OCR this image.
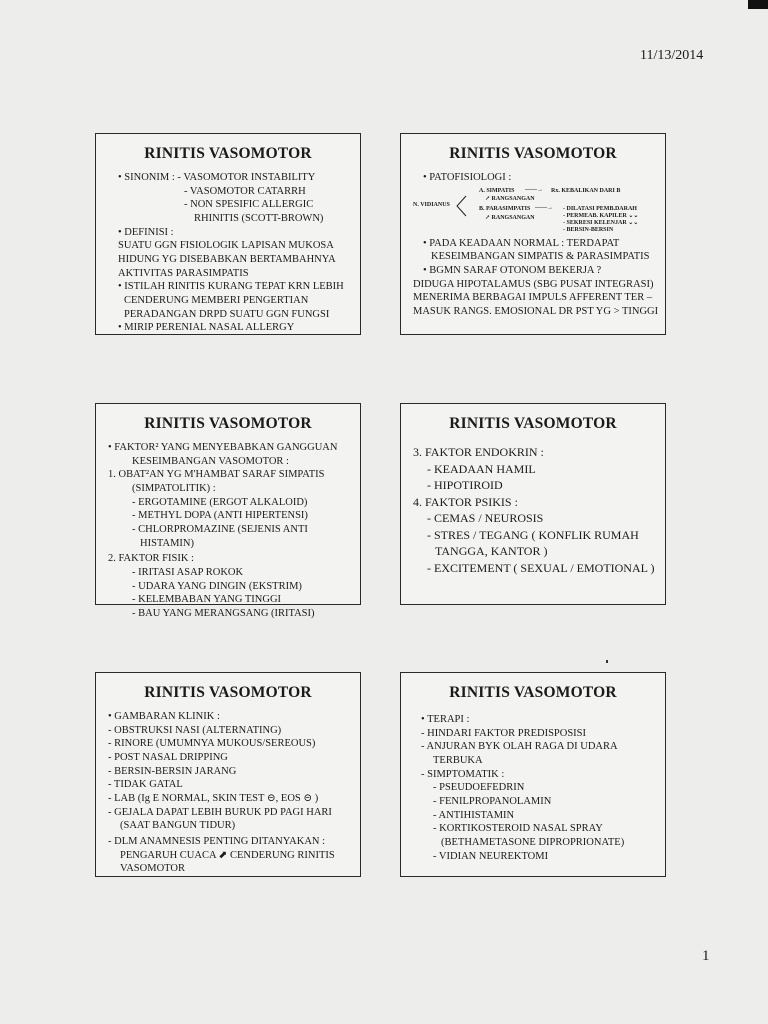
11/13/2014
RINITIS VASOMOTOR
• SINONIM : - VASOMOTOR INSTABILITY
- VASOMOTOR CATARRH
- NON SPESIFIC ALLERGIC
RHINITIS (SCOTT-BROWN)
• DEFINISI :
SUATU GGN FISIOLOGIK LAPISAN MUKOSA
HIDUNG YG DISEBABKAN BERTAMBAHNYA
AKTIVITAS PARASIMPATIS
• ISTILAH RINITIS KURANG TEPAT KRN LEBIH
CENDERUNG MEMBERI PENGERTIAN
PERADANGAN DRPD SUATU GGN FUNGSI
• MIRIP PERENIAL NASAL ALLERGY
RINITIS VASOMOTOR
• PATOFISIOLOGI :
N. VIDIANUS
A. SIMPATIS ——→ Rx. KEBALIKAN DARI B
↗ RANGSANGAN
B. PARASIMPATIS ——→
↗ RANGSANGAN
- DILATASI PEMB.DARAH
- PERMEAB. KAPILER ⌄⌄
- SEKRESI KELENJAR ⌄⌄
- BERSIN-BERSIN
• PADA KEADAAN NORMAL : TERDAPAT
KESEIMBANGAN SIMPATIS & PARASIMPATIS
• BGMN SARAF OTONOM BEKERJA ?
DIDUGA HIPOTALAMUS (SBG PUSAT INTEGRASI)
MENERIMA BERBAGAI IMPULS AFFERENT TER –
MASUK RANGS. EMOSIONAL DR PST YG > TINGGI
RINITIS VASOMOTOR
• FAKTOR² YANG MENYEBABKAN GANGGUAN
KESEIMBANGAN VASOMOTOR :
1. OBAT²AN YG M'HAMBAT SARAF SIMPATIS
(SIMPATOLITIK) :
- ERGOTAMINE (ERGOT ALKALOID)
- METHYL DOPA (ANTI HIPERTENSI)
- CHLORPROMAZINE (SEJENIS ANTI
HISTAMIN)
2. FAKTOR FISIK :
- IRITASI ASAP ROKOK
- UDARA YANG DINGIN (EKSTRIM)
- KELEMBABAN YANG TINGGI
- BAU YANG MERANGSANG (IRITASI)
RINITIS VASOMOTOR
3. FAKTOR ENDOKRIN :
- KEADAAN HAMIL
- HIPOTIROID
4. FAKTOR PSIKIS :
- CEMAS / NEUROSIS
- STRES / TEGANG ( KONFLIK RUMAH
TANGGA, KANTOR )
- EXCITEMENT ( SEXUAL / EMOTIONAL )
RINITIS VASOMOTOR
• GAMBARAN KLINIK :
- OBSTRUKSI NASI (ALTERNATING)
- RINORE (UMUMNYA MUKOUS/SEREOUS)
- POST NASAL DRIPPING
- BERSIN-BERSIN JARANG
- TIDAK GATAL
- LAB (Ig E NORMAL, SKIN TEST ⊝, EOS ⊝ )
- GEJALA DAPAT LEBIH BURUK PD PAGI HARI
(SAAT BANGUN TIDUR)
- DLM ANAMNESIS PENTING DITANYAKAN :
PENGARUH CUACA ⬈ CENDERUNG RINITIS
VASOMOTOR
RINITIS VASOMOTOR
• TERAPI :
- HINDARI FAKTOR PREDISPOSISI
- ANJURAN BYK OLAH RAGA DI UDARA
TERBUKA
- SIMPTOMATIK :
- PSEUDOEFEDRIN
- FENILPROPANOLAMIN
- ANTIHISTAMIN
- KORTIKOSTEROID NASAL SPRAY
(BETHAMETASONE DIPROPRIONATE)
- VIDIAN NEUREKTOMI
1
